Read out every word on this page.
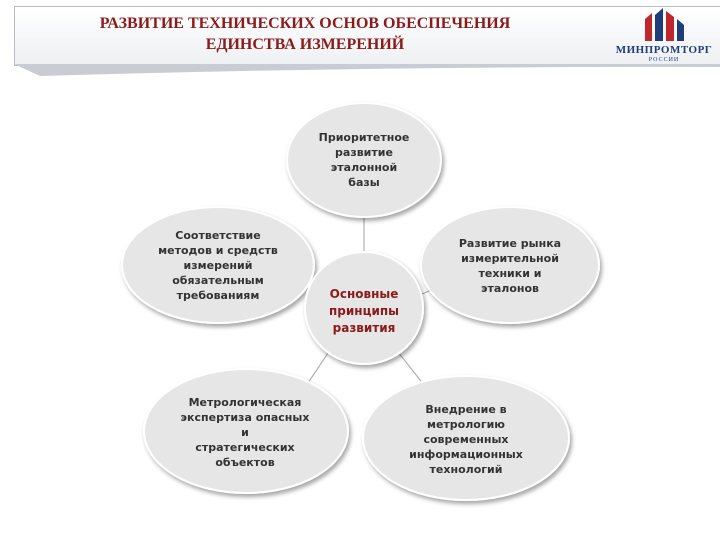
РАЗВИТИЕ ТЕХНИЧЕСКИХ ОСНОВ ОБЕСПЕЧЕНИЯ
ЕДИНСТВА ИЗМЕРЕНИЙ	МИНПРОМТОРГ
РОССИИ
Приоритетное
развитие
эталонной
базы
Соответствие
методов и средств
измерений
обязательным
требованиям
Развитие рынка
измерительной
техники и
эталонов
Метрологическая
экспертиза опасных
и
стратегических
объектов
Внедрение в
метрологию
современных
информационных
технологий
Основные
принципы
развития
